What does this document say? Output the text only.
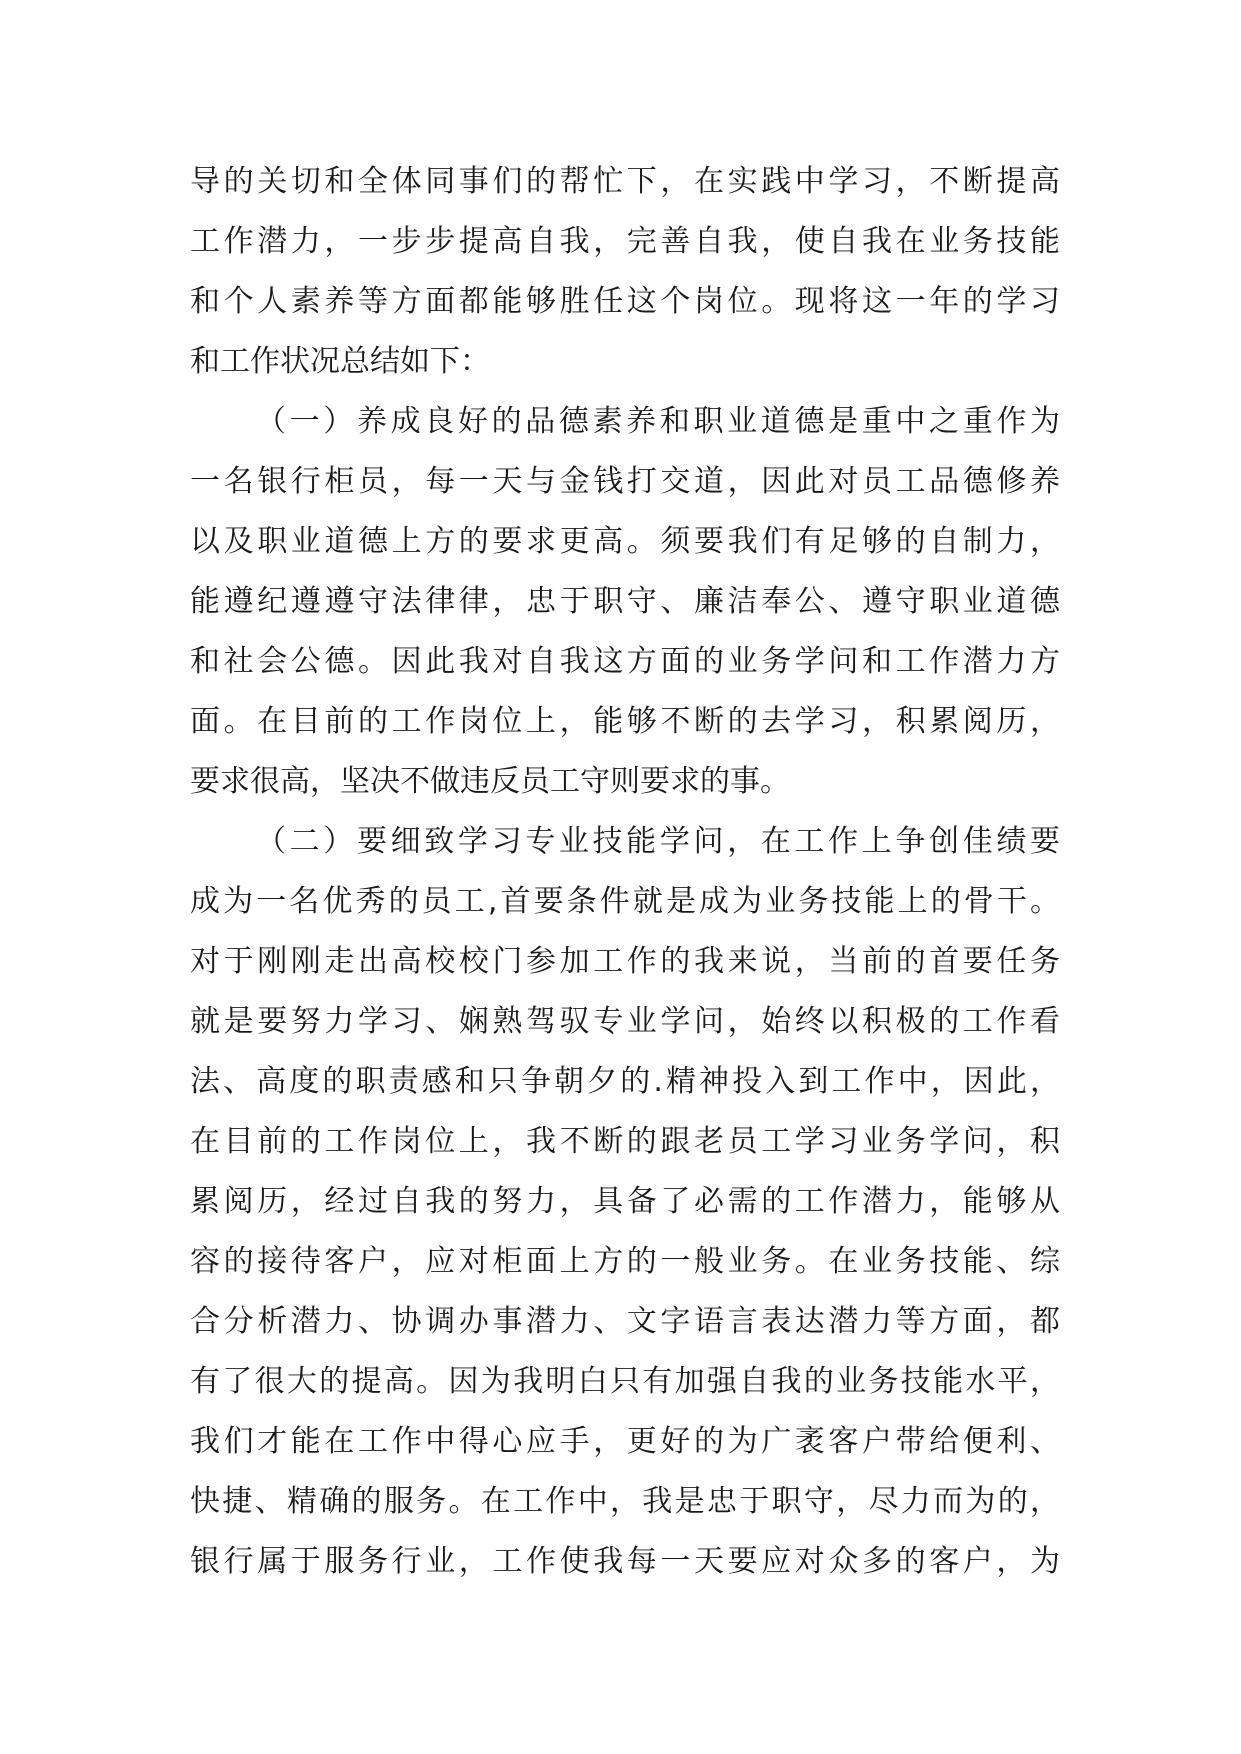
导的关切和全体同事们的帮忙下，在实践中学习，不断提高
工作潜力，一步步提高自我，完善自我，使自我在业务技能
和个人素养等方面都能够胜任这个岗位。现将这一年的学习
和工作状况总结如下：
（一）养成良好的品德素养和职业道德是重中之重作为
一名银行柜员，每一天与金钱打交道，因此对员工品德修养
以及职业道德上方的要求更高。须要我们有足够的自制力，
能遵纪遵遵守法律律，忠于职守、廉洁奉公、遵守职业道德
和社会公德。因此我对自我这方面的业务学问和工作潜力方
面。在目前的工作岗位上，能够不断的去学习，积累阅历，
要求很高，坚决不做违反员工守则要求的事。
（二）要细致学习专业技能学问，在工作上争创佳绩要
成为一名优秀的员工,首要条件就是成为业务技能上的骨干。
对于刚刚走出高校校门参加工作的我来说，当前的首要任务
就是要努力学习、娴熟驾驭专业学问，始终以积极的工作看
法、高度的职责感和只争朝夕的.精神投入到工作中，因此，
在目前的工作岗位上，我不断的跟老员工学习业务学问，积
累阅历，经过自我的努力，具备了必需的工作潜力，能够从
容的接待客户，应对柜面上方的一般业务。在业务技能、综
合分析潜力、协调办事潜力、文字语言表达潜力等方面，都
有了很大的提高。因为我明白只有加强自我的业务技能水平，
我们才能在工作中得心应手，更好的为广袤客户带给便利、
快捷、精确的服务。在工作中，我是忠于职守，尽力而为的，
银行属于服务行业，工作使我每一天要应对众多的客户，为
